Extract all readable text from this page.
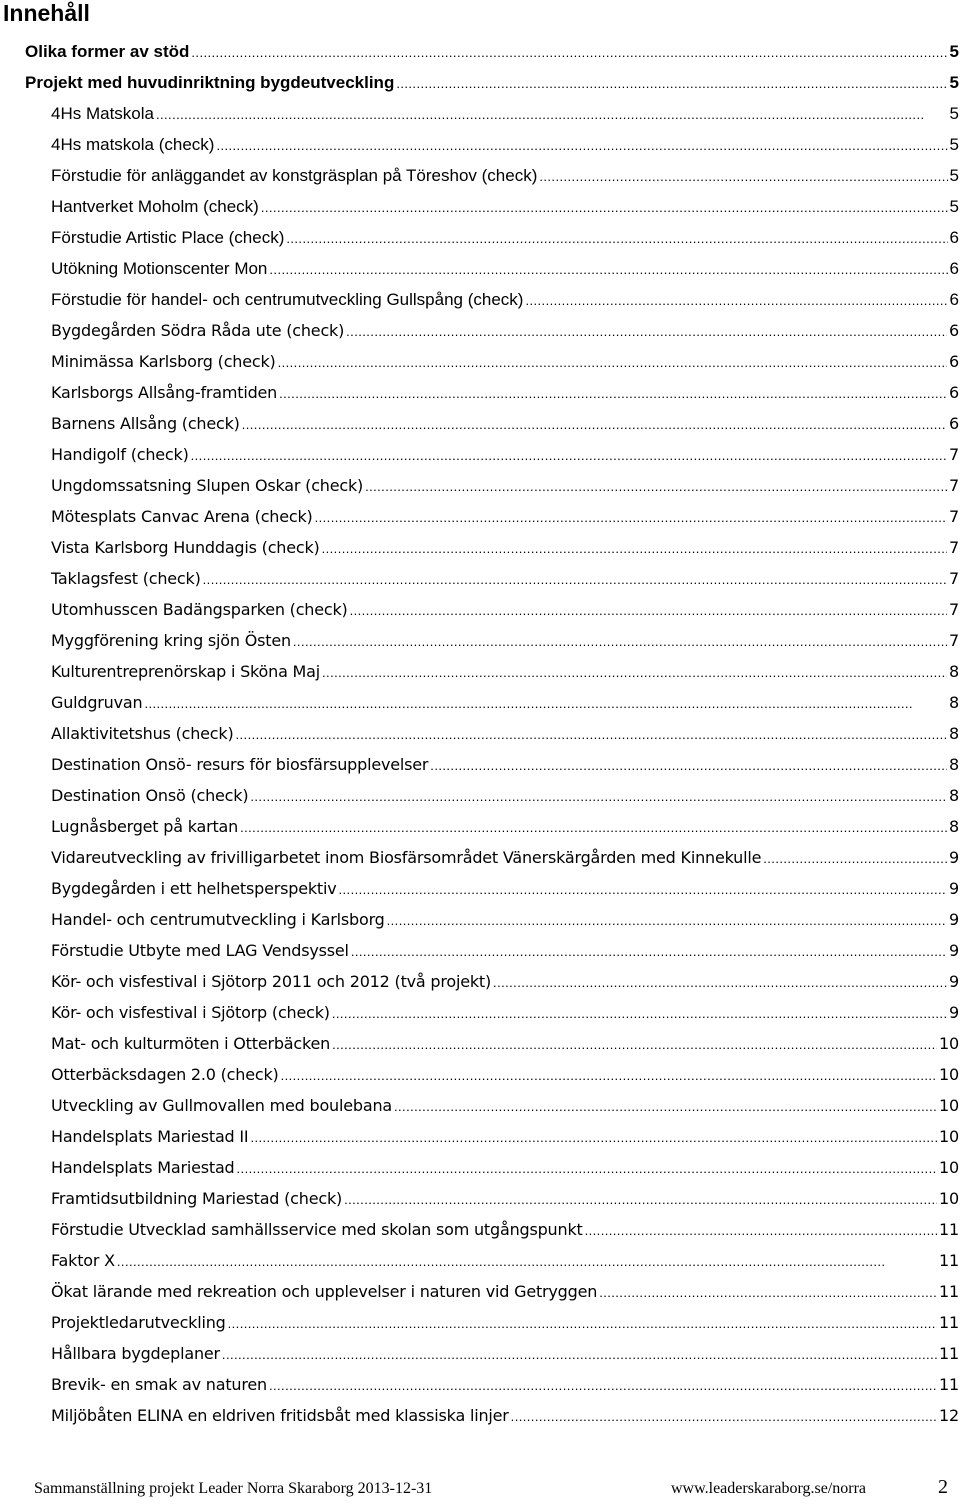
Innehåll
Olika former av stöd . . .	5
Projekt med huvudinriktning bygdeutveckling . . .	5
4Hs Matskola . . .	5
4Hs matskola (check) . . .	5
Förstudie för anläggandet av konstgräsplan på Töreshov (check) . . .	5
Hantverket Moholm (check) . . .	5
Förstudie Artistic Place (check) . . .	6
Utökning Motionscenter Mon . . .	6
Förstudie för handel- och centrumutveckling Gullspång (check) . . .	6
Bygdegården Södra Råda ute (check) . . .	6
Minimässa Karlsborg (check) . . .	6
Karlsborgs Allsång-framtiden . . .	6
Barnens Allsång (check) . . .	6
Handigolf (check) . . .	7
Ungdomssatsning Slupen Oskar (check) . . .	7
Mötesplats Canvac Arena (check) . . .	7
Vista Karlsborg Hunddagis (check) . . .	7
Taklagsfest (check) . . .	7
Utomhusscen Badängsparken (check) . . .	7
Myggförening kring sjön Östen . . .	7
Kulturentreprenörskap i Sköna Maj . . .	8
Guldgruvan . . .	8
Allaktivitetshus (check) . . .	8
Destination Onsö- resurs för biosfärsupplevelser . . .	8
Destination Onsö (check) . . .	8
Lugnåsberget på kartan . . .	8
Vidareutveckling av frivilligarbetet inom Biosfärsområdet Vänerskärgården med Kinnekulle . . .	9
Bygdegården i ett helhetsperspektiv . . .	9
Handel- och centrumutveckling i Karlsborg . . .	9
Förstudie Utbyte med LAG Vendsyssel . . .	9
Kör- och visfestival i Sjötorp 2011 och 2012 (två projekt) . . .	9
Kör- och visfestival i Sjötorp (check) . . .	9
Mat- och kulturmöten i Otterbäcken . . .	10
Otterbäcksdagen 2.0 (check) . . .	10
Utveckling av Gullmovallen med boulebana . . .	10
Handelsplats Mariestad II . . .	10
Handelsplats Mariestad . . .	10
Framtidsutbildning Mariestad (check) . . .	10
Förstudie Utvecklad samhällsservice med skolan som utgångspunkt . . .	11
Faktor X . . .	11
Ökat lärande med rekreation och upplevelser i naturen vid Getryggen . . .	11
Projektledarutveckling . . .	11
Hållbara bygdeplaner . . .	11
Brevik- en smak av naturen . . .	11
Miljöbåten ELINA en eldriven fritidsbåt med klassiska linjer . . .	12
Sammanställning projekt Leader Norra Skaraborg 2013-12-31	www.leaderskaraborg.se/norra	2
